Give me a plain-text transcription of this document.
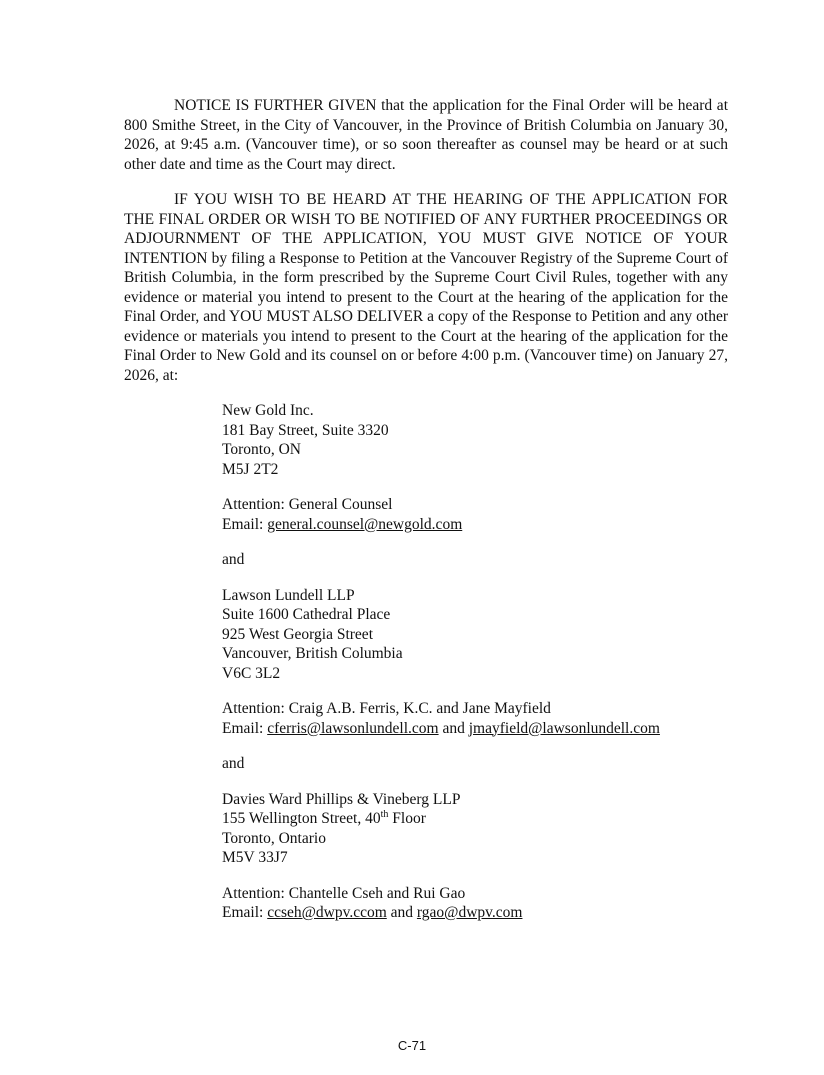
NOTICE IS FURTHER GIVEN that the application for the Final Order will be heard at 800 Smithe Street, in the City of Vancouver, in the Province of British Columbia on January 30, 2026, at 9:45 a.m. (Vancouver time), or so soon thereafter as counsel may be heard or at such other date and time as the Court may direct.

IF YOU WISH TO BE HEARD AT THE HEARING OF THE APPLICATION FOR THE FINAL ORDER OR WISH TO BE NOTIFIED OF ANY FURTHER PROCEEDINGS OR ADJOURNMENT OF THE APPLICATION, YOU MUST GIVE NOTICE OF YOUR INTENTION by filing a Response to Petition at the Vancouver Registry of the Supreme Court of British Columbia, in the form prescribed by the Supreme Court Civil Rules, together with any evidence or material you intend to present to the Court at the hearing of the application for the Final Order, and YOU MUST ALSO DELIVER a copy of the Response to Petition and any other evidence or materials you intend to present to the Court at the hearing of the application for the Final Order to New Gold and its counsel on or before 4:00 p.m. (Vancouver time) on January 27, 2026, at:

New Gold Inc.
181 Bay Street, Suite 3320
Toronto, ON
M5J 2T2
Attention: General Counsel
Email: general.counsel@newgold.com
and
Lawson Lundell LLP
Suite 1600 Cathedral Place
925 West Georgia Street
Vancouver, British Columbia
V6C 3L2
Attention: Craig A.B. Ferris, K.C. and Jane Mayfield
Email: cferris@lawsonlundell.com and jmayfield@lawsonlundell.com
and
Davies Ward Phillips & Vineberg LLP
155 Wellington Street, 40th Floor
Toronto, Ontario
M5V 33J7
Attention: Chantelle Cseh and Rui Gao
Email: ccseh@dwpv.ccom and rgao@dwpv.com
C-71
